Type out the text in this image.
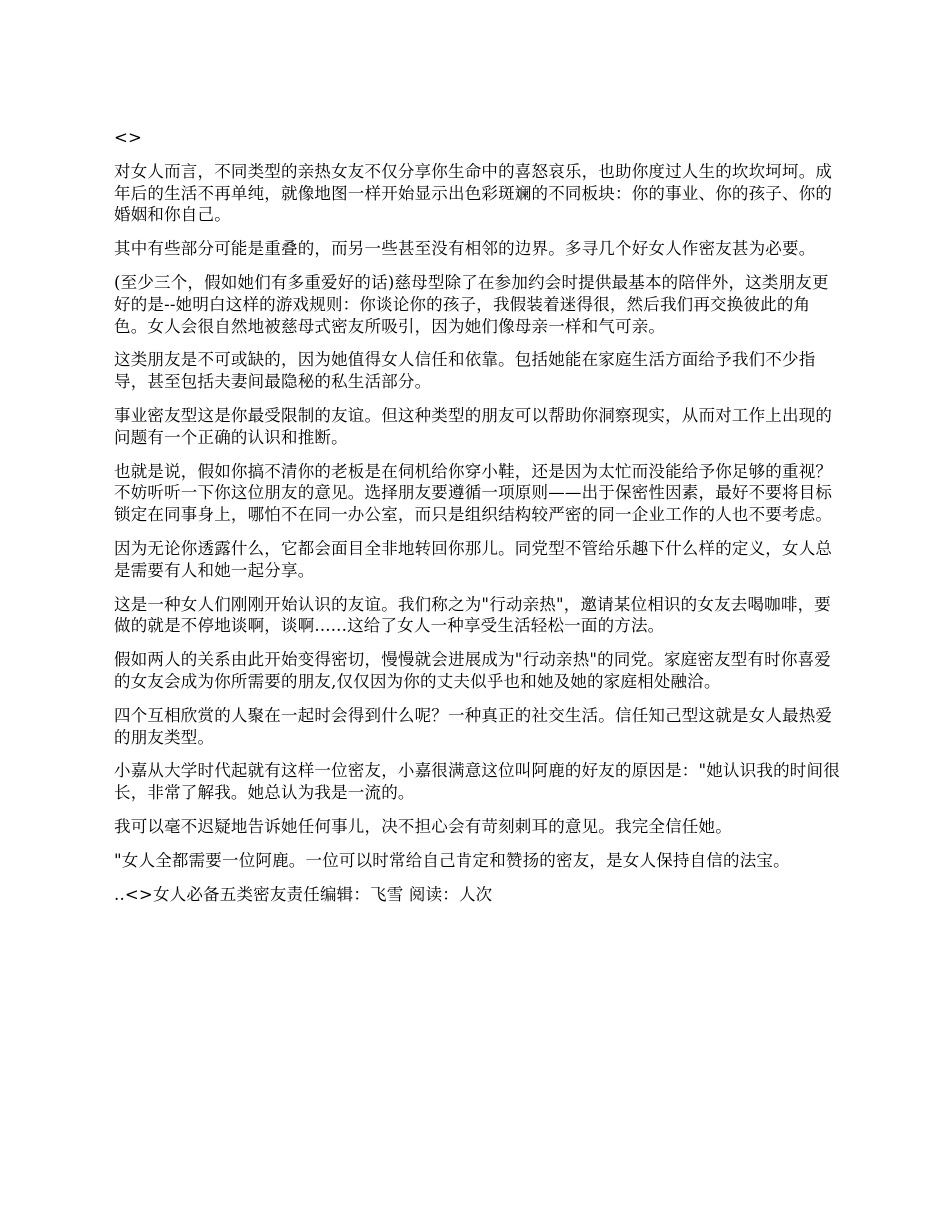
<>

对女人而言，不同类型的亲热女友不仅分享你生命中的喜怒哀乐，也助你度过人生的坎坎坷坷。成年后的生活不再单纯，就像地图一样开始显示出色彩斑斓的不同板块：你的事业、你的孩子、你的婚姻和你自己。

其中有些部分可能是重叠的，而另一些甚至没有相邻的边界。多寻几个好女人作密友甚为必要。

(至少三个，假如她们有多重爱好的话)慈母型除了在参加约会时提供最基本的陪伴外，这类朋友更好的是--她明白这样的游戏规则：你谈论你的孩子，我假装着迷得很，然后我们再交换彼此的角色。女人会很自然地被慈母式密友所吸引，因为她们像母亲一样和气可亲。

这类朋友是不可或缺的，因为她值得女人信任和依靠。包括她能在家庭生活方面给予我们不少指导，甚至包括夫妻间最隐秘的私生活部分。

事业密友型这是你最受限制的友谊。但这种类型的朋友可以帮助你洞察现实，从而对工作上出现的问题有一个正确的认识和推断。

也就是说，假如你搞不清你的老板是在伺机给你穿小鞋，还是因为太忙而没能给予你足够的重视？不妨听听一下你这位朋友的意见。选择朋友要遵循一项原则——出于保密性因素，最好不要将目标锁定在同事身上，哪怕不在同一办公室，而只是组织结构较严密的同一企业工作的人也不要考虑。

因为无论你透露什么，它都会面目全非地转回你那儿。同党型不管给乐趣下什么样的定义，女人总是需要有人和她一起分享。

这是一种女人们刚刚开始认识的友谊。我们称之为"行动亲热"，邀请某位相识的女友去喝咖啡，要做的就是不停地谈啊，谈啊......这给了女人一种享受生活轻松一面的方法。

假如两人的关系由此开始变得密切，慢慢就会进展成为"行动亲热"的同党。家庭密友型有时你喜爱的女友会成为你所需要的朋友,仅仅因为你的丈夫似乎也和她及她的家庭相处融洽。

四个互相欣赏的人聚在一起时会得到什么呢？一种真正的社交生活。信任知己型这就是女人最热爱的朋友类型。

小嘉从大学时代起就有这样一位密友，小嘉很满意这位叫阿鹿的好友的原因是："她认识我的时间很长，非常了解我。她总认为我是一流的。

我可以毫不迟疑地告诉她任何事儿，决不担心会有苛刻刺耳的意见。我完全信任她。

"女人全都需要一位阿鹿。一位可以时常给自己肯定和赞扬的密友，是女人保持自信的法宝。

..<>女人必备五类密友责任编辑：飞雪 阅读：人次
